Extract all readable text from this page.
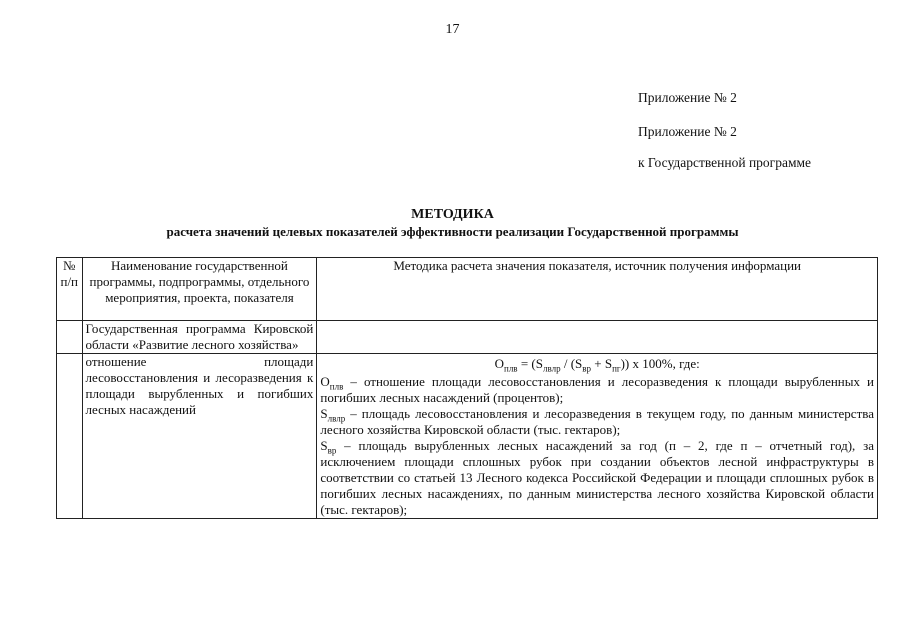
17
Приложение № 2
Приложение № 2
к Государственной программе
МЕТОДИКА
расчета значений целевых показателей эффективности реализации Государственной программы
№ п/п	Наименование государственной программы, подпрограммы, отдельного мероприятия, проекта, показателя	Методика расчета значения показателя, источник получения информации
	Государственная программа Кировской области «Развитие лесного хозяйства»	
	отношение площади лесовосстановления и лесоразведения к площади вырубленных и погибших лесных насаждений	$О_{плв} = (S_{лвлр} / (S_{вр} + S_{пг}))$ х 100%, где:
$О_{плв}$ – отношение площади лесовосстановления и лесоразведения к площади вырубленных и погибших лесных насаждений (процентов);
$S_{лвлр}$ – площадь лесовосстановления и лесоразведения в текущем году, по данным министерства лесного хозяйства Кировской области (тыс. гектаров);
$S_{вр}$ – площадь вырубленных лесных насаждений за год (п – 2, где п – отчетный год), за исключением площади сплошных рубок при создании объектов лесной инфраструктуры в соответствии со статьей 13 Лесного кодекса Российской Федерации и площади сплошных рубок в погибших лесных насаждениях, по данным министерства лесного хозяйства Кировской области (тыс. гектаров);
